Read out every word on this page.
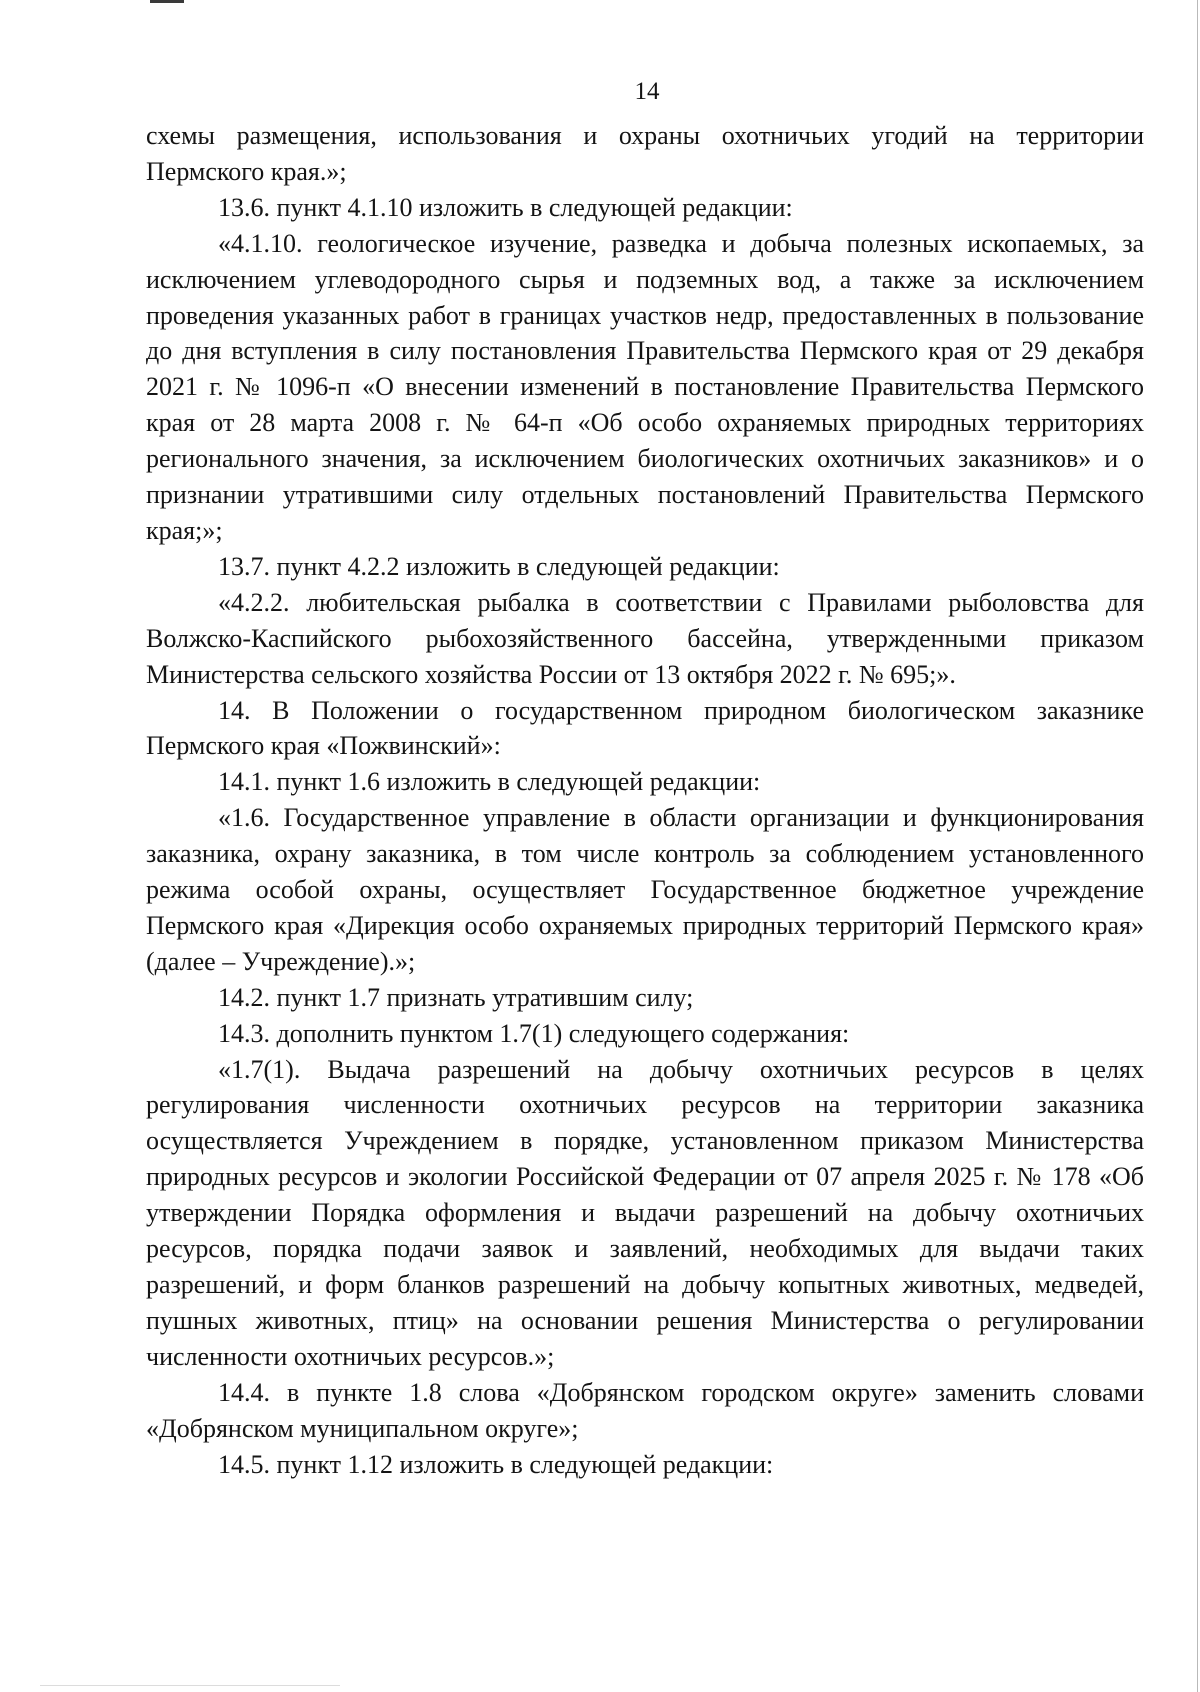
14

схемы размещения, использования и охраны охотничьих угодий на территории Пермского края.»;

13.6. пункт 4.1.10 изложить в следующей редакции:

«4.1.10. геологическое изучение, разведка и добыча полезных ископаемых, за исключением углеводородного сырья и подземных вод, а также за исключением проведения указанных работ в границах участков недр, предоставленных в пользование до дня вступления в силу постановления Правительства Пермского края от 29 декабря 2021 г. № 1096-п «О внесении изменений в постановление Правительства Пермского края от 28 марта 2008 г. № 64-п «Об особо охраняемых природных территориях регионального значения, за исключением биологических охотничьих заказников» и о признании утратившими силу отдельных постановлений Правительства Пермского края;»;

13.7. пункт 4.2.2 изложить в следующей редакции:

«4.2.2. любительская рыбалка в соответствии с Правилами рыболовства для Волжско-Каспийского рыбохозяйственного бассейна, утвержденными приказом Министерства сельского хозяйства России от 13 октября 2022 г. № 695;».

14. В Положении о государственном природном биологическом заказнике Пермского края «Пожвинский»:

14.1. пункт 1.6 изложить в следующей редакции:

«1.6. Государственное управление в области организации и функционирования заказника, охрану заказника, в том числе контроль за соблюдением установленного режима особой охраны, осуществляет Государственное бюджетное учреждение Пермского края «Дирекция особо охраняемых природных территорий Пермского края» (далее – Учреждение).»;

14.2. пункт 1.7 признать утратившим силу;

14.3. дополнить пунктом 1.7(1) следующего содержания:

«1.7(1). Выдача разрешений на добычу охотничьих ресурсов в целях регулирования численности охотничьих ресурсов на территории заказника осуществляется Учреждением в порядке, установленном приказом Министерства природных ресурсов и экологии Российской Федерации от 07 апреля 2025 г. № 178 «Об утверждении Порядка оформления и выдачи разрешений на добычу охотничьих ресурсов, порядка подачи заявок и заявлений, необходимых для выдачи таких разрешений, и форм бланков разрешений на добычу копытных животных, медведей, пушных животных, птиц» на основании решения Министерства о регулировании численности охотничьих ресурсов.»;

14.4. в пункте 1.8 слова «Добрянском городском округе» заменить словами «Добрянском муниципальном округе»;

14.5. пункт 1.12 изложить в следующей редакции:
